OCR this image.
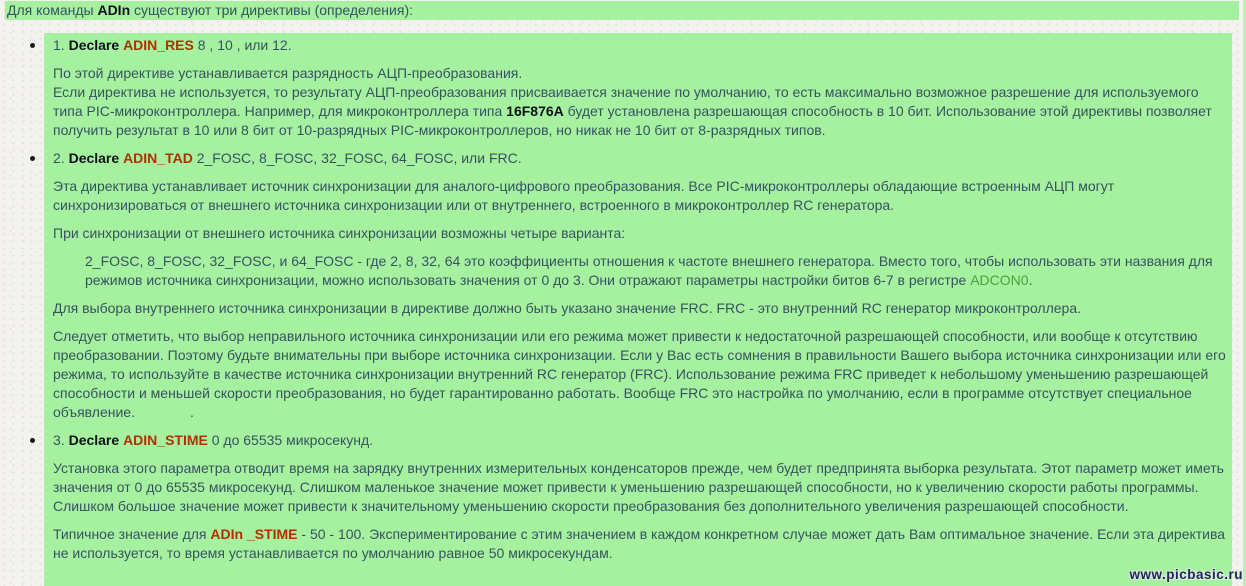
Для команды ADIn существуют три директивы (определения):
1. Declare ADIN_RES 8 , 10 , или 12.
По этой директиве устанавливается разрядность АЦП-преобразования.
Если директива не используется, то результату АЦП-преобразования присваивается значение по умолчанию, то есть максимально возможное разрешение для используемого типа PIC-микроконтроллера. Например, для микроконтроллера типа 16F876A будет установлена разрешающая способность в 10 бит. Использование этой директивы позволяет получить результат в 10 или 8 бит от 10-разрядных PIC-микроконтроллеров, но никак не 10 бит от 8-разрядных типов.
2. Declare ADIN_TAD 2_FOSC, 8_FOSC, 32_FOSC, 64_FOSC, или FRC.
Эта директива устанавливает источник синхронизации для аналого-цифрового преобразования. Все PIC-микроконтроллеры обладающие встроенным АЦП могут синхронизироваться от внешнего источника синхронизации или от внутреннего, встроенного в микроконтроллер RC генератора.
При синхронизации от внешнего источника синхронизации возможны четыре варианта:
2_FOSC, 8_FOSC, 32_FOSC, и 64_FOSC - где 2, 8, 32, 64 это коэффициенты отношения к частоте внешнего генератора. Вместо того, чтобы использовать эти названия для режимов источника синхронизации, можно использовать значения от 0 до 3. Они отражают параметры настройки битов 6-7 в регистре ADCON0.
Для выбора внутреннего источника синхронизации в директиве должно быть указано значение FRC. FRC - это внутренний RC генератор микроконтроллера.
Следует отметить, что выбор неправильного источника синхронизации или его режима может привести к недостаточной разрешающей способности, или вообще к отсутствию преобразовании. Поэтому будьте внимательны при выборе источника синхронизации. Если у Вас есть сомнения в правильности Вашего выбора источника синхронизации или его режима, то используйте в качестве источника синхронизации внутренний RC генератор (FRC). Использование режима FRC приведет к небольшому уменьшению разрешающей способности и меньшей скорости преобразования, но будет гарантированно работать. Вообще FRC это настройка по умолчанию, если в программе отсутствует специальное объявление.	.
3. Declare ADIN_STIME 0 до 65535 микросекунд.
Установка этого параметра отводит время на зарядку внутренних измерительных конденсаторов прежде, чем будет предпринята выборка результата. Этот параметр может иметь значения от 0 до 65535 микросекунд. Слишком маленькое значение может привести к уменьшению разрешающей способности, но к увеличению скорости работы программы. Слишком большое значение может привести к значительному уменьшению скорости преобразования без дополнительного увеличения разрешающей способности.
Типичное значение для ADIn _STIME - 50 - 100. Экспериментирование с этим значением в каждом конкретном случае может дать Вам оптимальное значение. Если эта директива не используется, то время устанавливается по умолчанию равное 50 микросекундам.
www.picbasic.ru
